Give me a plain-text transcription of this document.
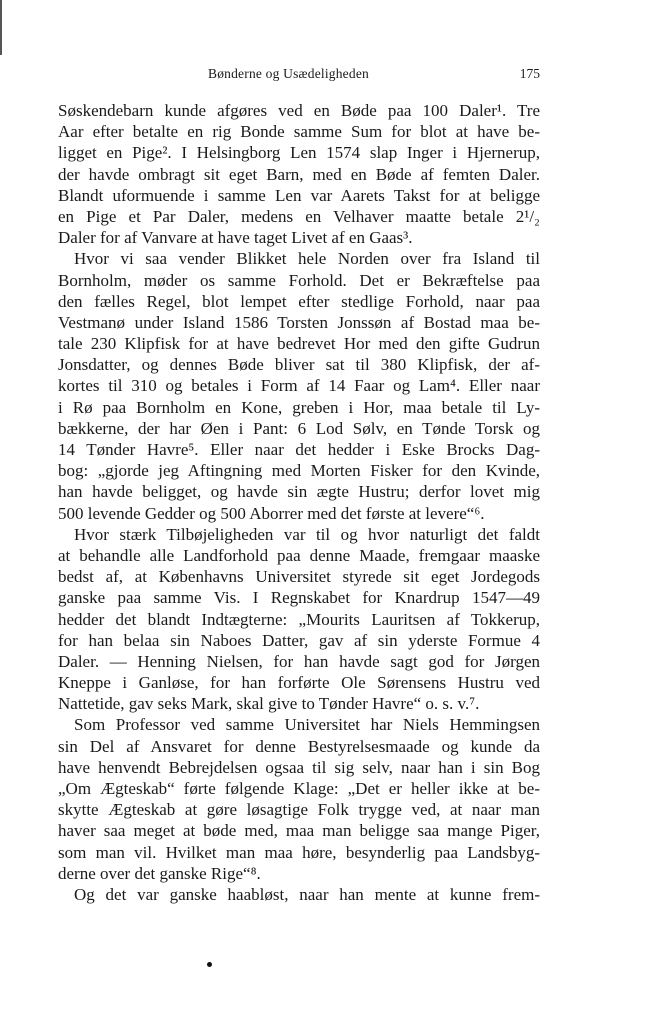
Bønderne og Usædeligheden	175
Søskendebarn kunde afgøres ved en Bøde paa 100 Daler¹. Tre
Aar efter betalte en rig Bonde samme Sum for blot at have be-
ligget en Pige². I Helsingborg Len 1574 slap Inger i Hjernerup,
der havde ombragt sit eget Barn, med en Bøde af femten Daler.
Blandt uformuende i samme Len var Aarets Takst for at beligge
en Pige et Par Daler, medens en Velhaver maatte betale 2¹/₂
Daler for af Vanvare at have taget Livet af en Gaas³.
Hvor vi saa vender Blikket hele Norden over fra Island til
Bornholm, møder os samme Forhold. Det er Bekræftelse paa
den fælles Regel, blot lempet efter stedlige Forhold, naar paa
Vestmanø under Island 1586 Torsten Jonssøn af Bostad maa be-
tale 230 Klipfisk for at have bedrevet Hor med den gifte Gudrun
Jonsdatter, og dennes Bøde bliver sat til 380 Klipfisk, der af-
kortes til 310 og betales i Form af 14 Faar og Lam⁴. Eller naar
i Rø paa Bornholm en Kone, greben i Hor, maa betale til Ly-
bækkerne, der har Øen i Pant: 6 Lod Sølv, en Tønde Torsk og
14 Tønder Havre⁵. Eller naar det hedder i Eske Brocks Dag-
bog: „gjorde jeg Aftingning med Morten Fisker for den Kvinde,
han havde beligget, og havde sin ægte Hustru; derfor lovet mig
500 levende Gedder og 500 Aborrer med det første at levere“⁶.
Hvor stærk Tilbøjeligheden var til og hvor naturligt det faldt
at behandle alle Landforhold paa denne Maade, fremgaar maaske
bedst af, at Københavns Universitet styrede sit eget Jordegods
ganske paa samme Vis. I Regnskabet for Knardrup 1547—49
hedder det blandt Indtægterne: „Mourits Lauritsen af Tokkerup,
for han belaa sin Naboes Datter, gav af sin yderste Formue 4
Daler. — Henning Nielsen, for han havde sagt god for Jørgen
Kneppe i Ganløse, for han forførte Ole Sørensens Hustru ved
Nattetide, gav seks Mark, skal give to Tønder Havre“ o. s. v.⁷.
Som Professor ved samme Universitet har Niels Hemmingsen
sin Del af Ansvaret for denne Bestyrelsesmaade og kunde da
have henvendt Bebrejdelsen ogsaa til sig selv, naar han i sin Bog
„Om Ægteskab“ førte følgende Klage: „Det er heller ikke at be-
skytte Ægteskab at gøre løsagtige Folk trygge ved, at naar man
haver saa meget at bøde med, maa man beligge saa mange Piger,
som man vil. Hvilket man maa høre, besynderlig paa Landsbyg-
derne over det ganske Rige“⁸.
Og det var ganske haabløst, naar han mente at kunne frem-
